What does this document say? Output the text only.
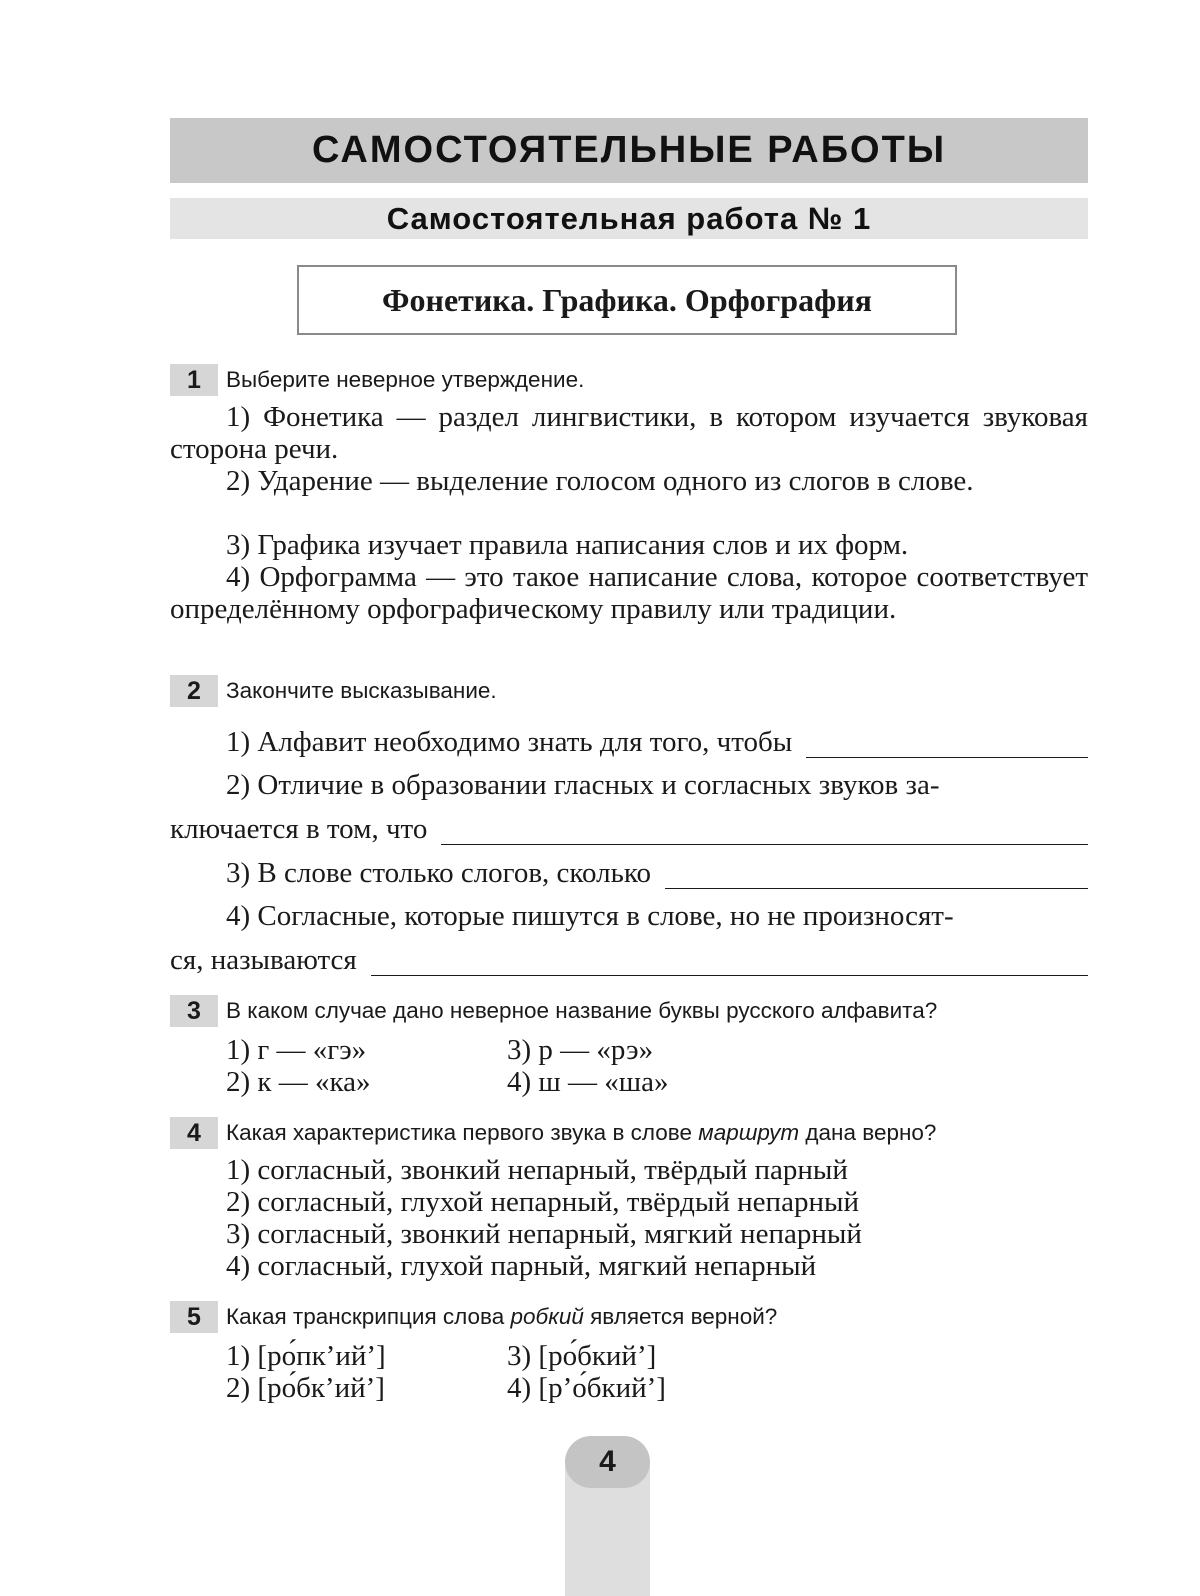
САМОСТОЯТЕЛЬНЫЕ РАБОТЫ
Самостоятельная работа № 1
Фонетика. Графика. Орфография
1 Выберите неверное утверждение.
1) Фонетика — раздел лингвистики, в котором изучается звуковая сторона речи.
2) Ударение — выделение голосом одного из слогов в слове.
3) Графика изучает правила написания слов и их форм.
4) Орфограмма — это такое написание слова, которое соответствует определённому орфографическому правилу или традиции.
2 Закончите высказывание.
1) Алфавит необходимо знать для того, чтобы
2) Отличие в образовании гласных и согласных звуков за-
ключается в том, что
3) В слове столько слогов, сколько
4) Согласные, которые пишутся в слове, но не произносят-
ся, называются
3 В каком случае дано неверное название буквы русского алфавита?
1) г — «гэ»	3) р — «рэ»
2) к — «ка»	4) ш — «ша»
4 Какая характеристика первого звука в слове маршрут дана верно?
1) согласный, звонкий непарный, твёрдый парный
2) согласный, глухой непарный, твёрдый непарный
3) согласный, звонкий непарный, мягкий непарный
4) согласный, глухой парный, мягкий непарный
5 Какая транскрипция слова робкий является верной?
1) [ро́пк’ий’]	3) [ро́бкий’]
2) [ро́бк’ий’]	4) [р’о́бкий’]
4
